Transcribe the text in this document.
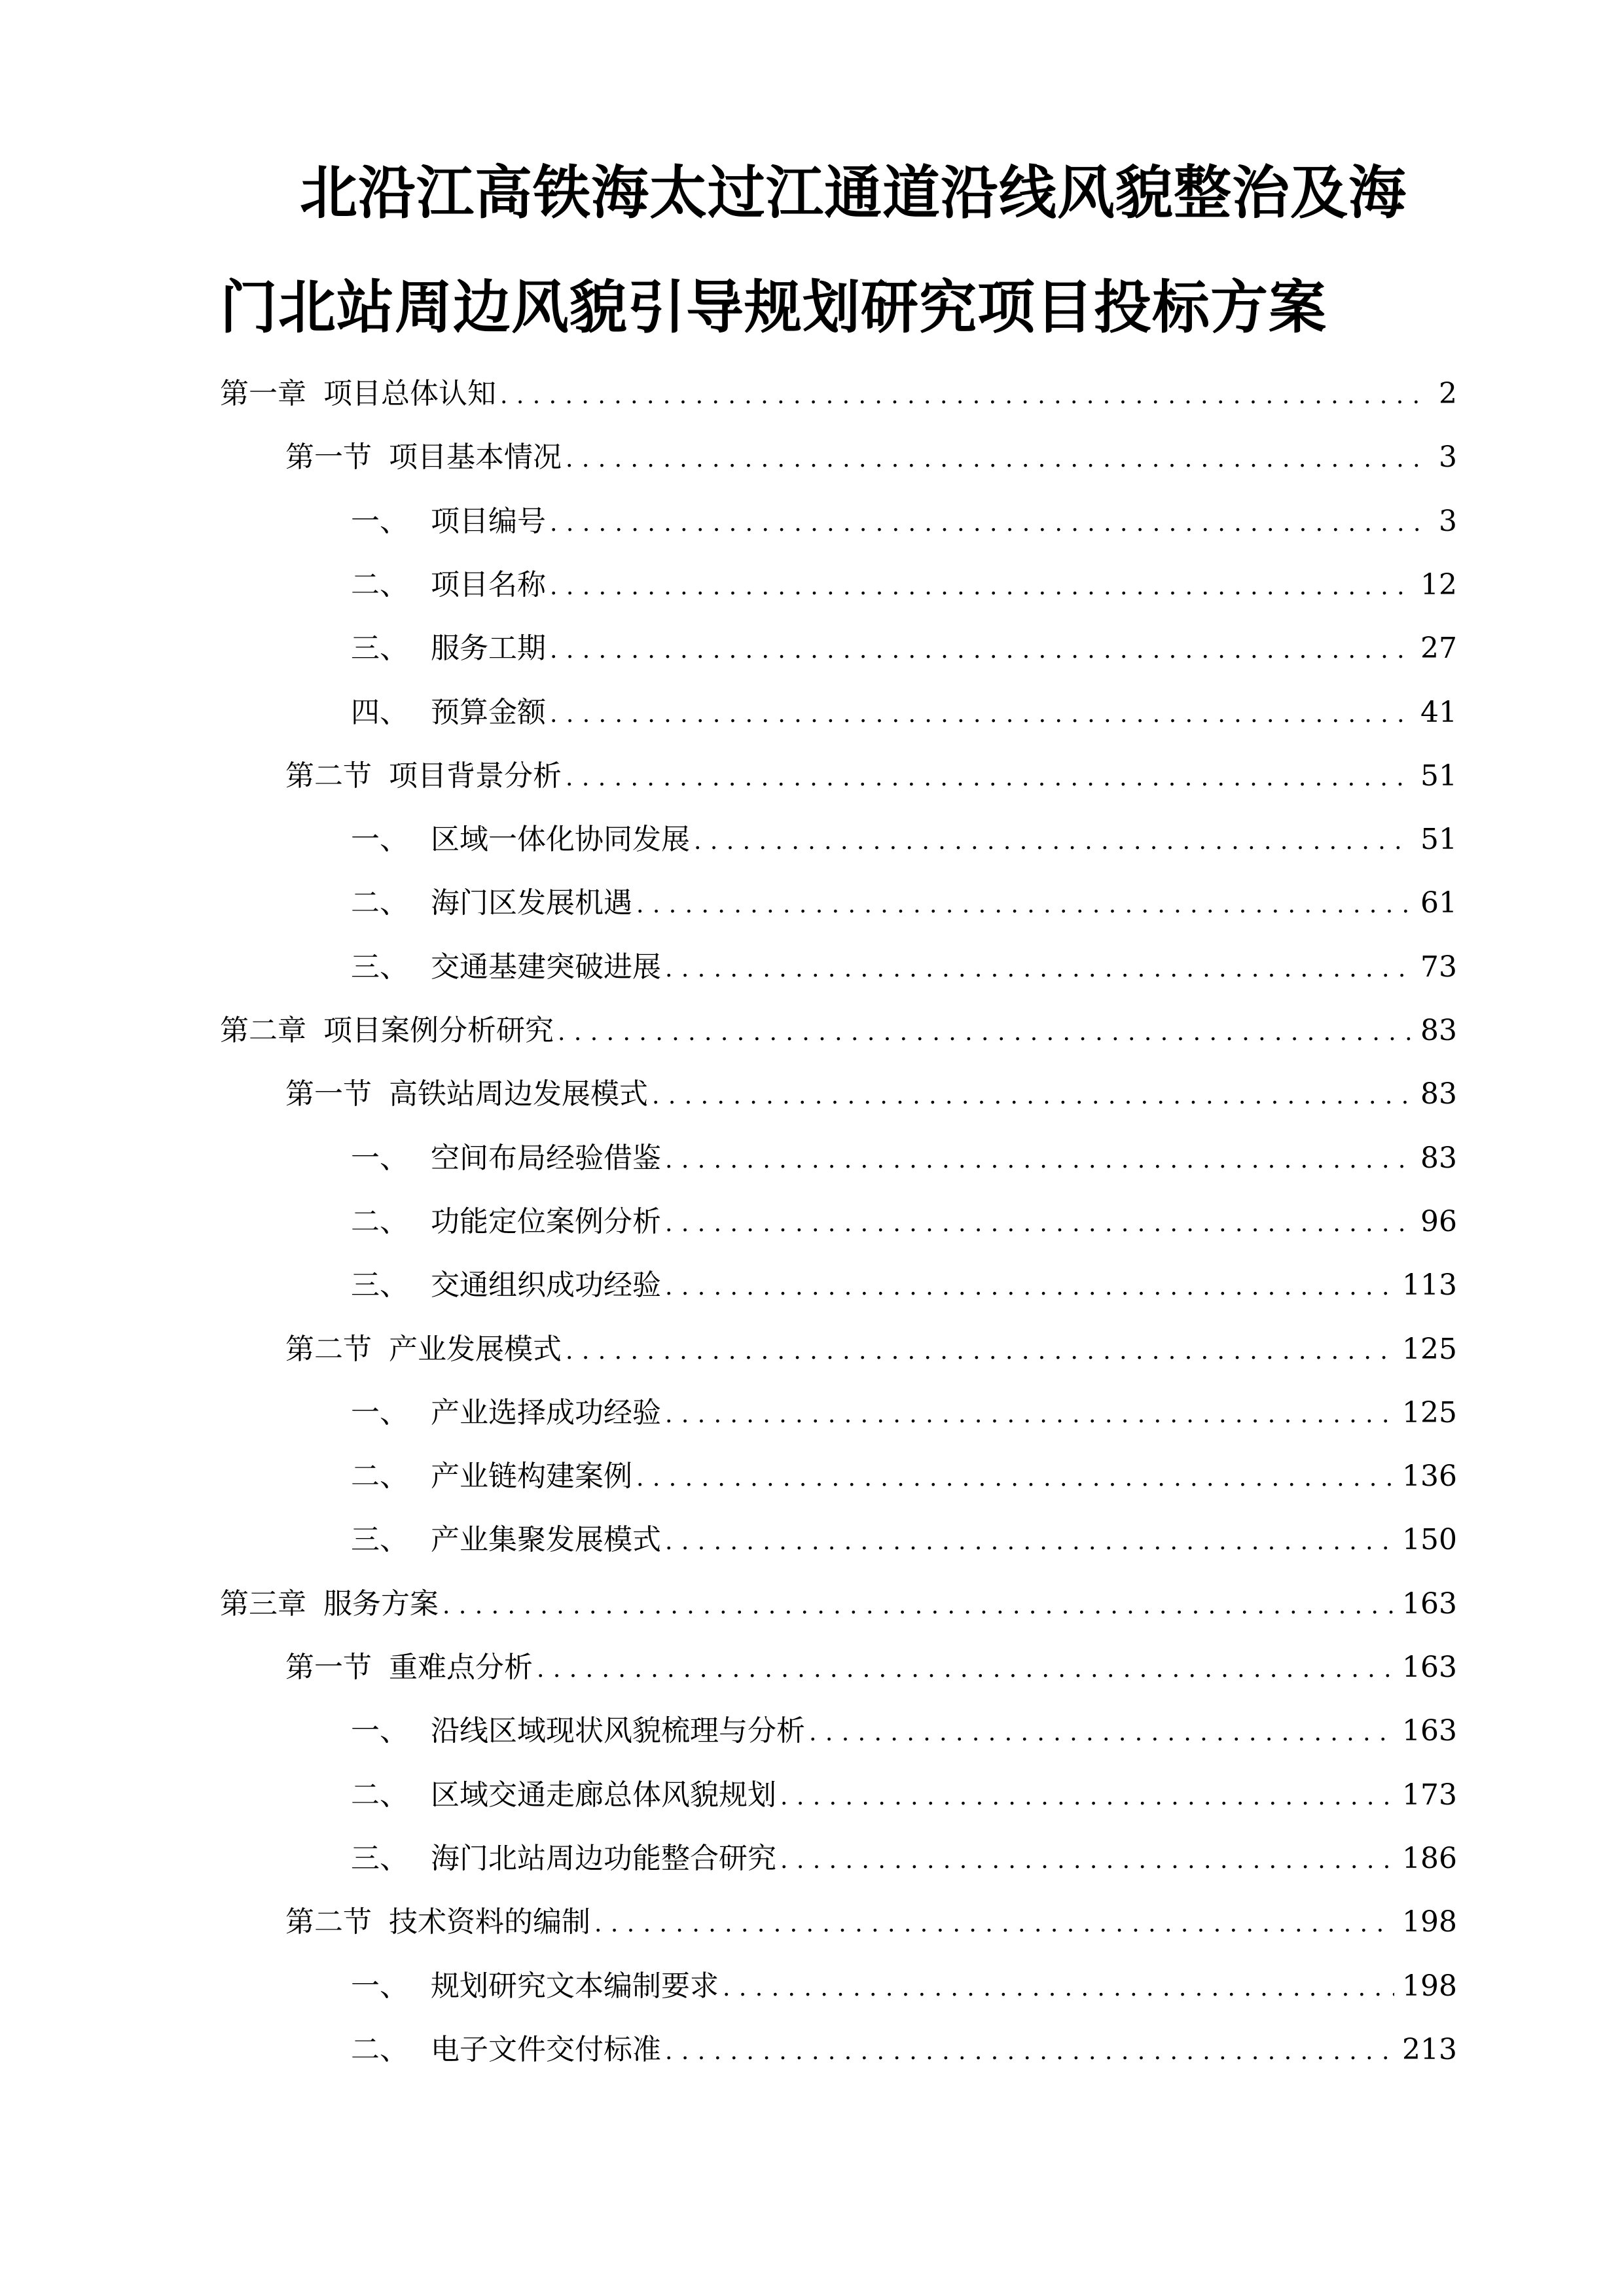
北沿江高铁海太过江通道沿线风貌整治及海
门北站周边风貌引导规划研究项目投标方案
第一章 项目总体认知 . . .	2
第一节 项目基本情况 . . .	3
一、 项目编号 . . .	3
二、 项目名称 . . .	12
三、 服务工期 . . .	27
四、 预算金额 . . .	41
第二节 项目背景分析 . . .	51
一、 区域一体化协同发展 . . .	51
二、 海门区发展机遇 . . .	61
三、 交通基建突破进展 . . .	73
第二章 项目案例分析研究 . . .	83
第一节 高铁站周边发展模式 . . .	83
一、 空间布局经验借鉴 . . .	83
二、 功能定位案例分析 . . .	96
三、 交通组织成功经验 . . .	113
第二节 产业发展模式 . . .	125
一、 产业选择成功经验 . . .	125
二、 产业链构建案例 . . .	136
三、 产业集聚发展模式 . . .	150
第三章 服务方案 . . .	163
第一节 重难点分析 . . .	163
一、 沿线区域现状风貌梳理与分析 . . .	163
二、 区域交通走廊总体风貌规划 . . .	173
三、 海门北站周边功能整合研究 . . .	186
第二节 技术资料的编制 . . .	198
一、 规划研究文本编制要求 . . .	198
二、 电子文件交付标准 . . .	213
